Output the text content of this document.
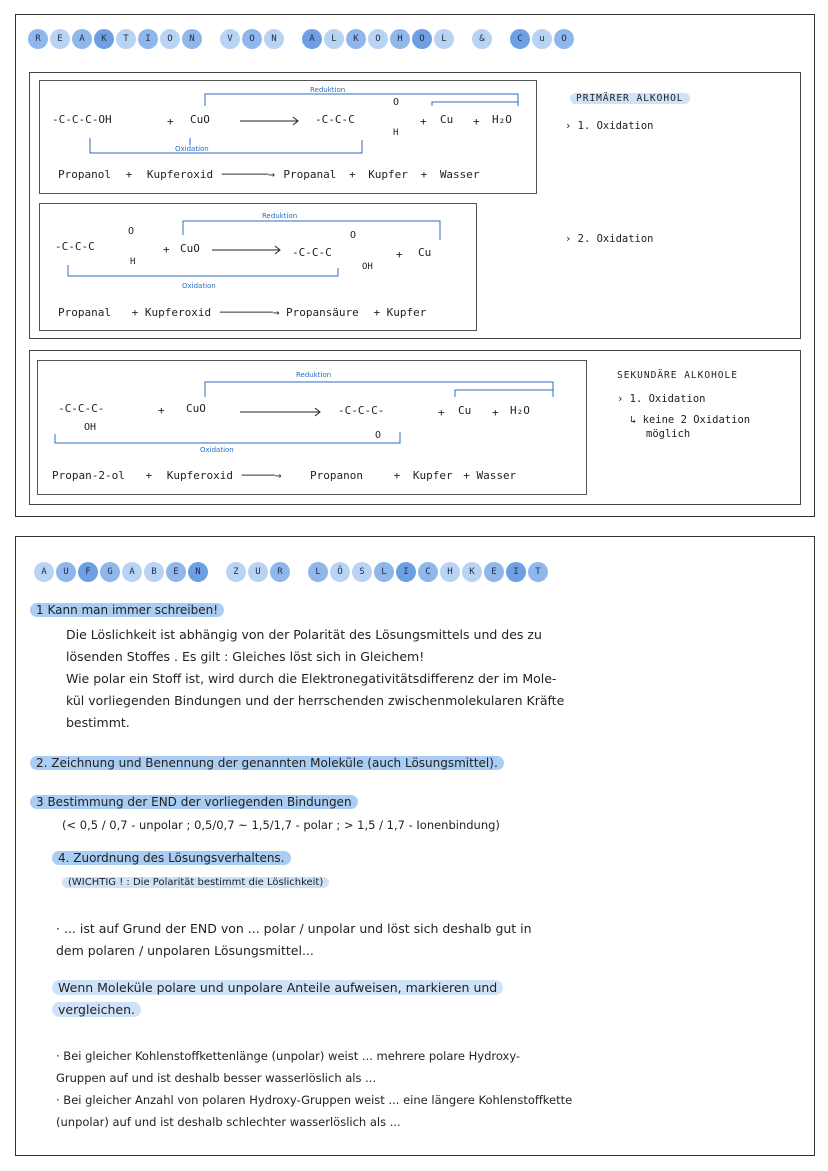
R	E	A	K	T	I	O	N	V	O	N	A	L	K	O	H	O	L	&	C	u	O
Reduktion
-C-C-C-OH	+ CuO	-C-C-C
O
H
+ Cu + H₂O
Oxidation
Propanol + Kupferoxid ───────→ Propanal + Kupfer + Wasser
Reduktion
-C-C-C
O
H
+ CuO	-C-C-C
O
OH
+ Cu
Oxidation
Propanal + Kupferoxid ────────→ Propansäure + Kupfer
Reduktion
-C-C-C-
OH
+ CuO	-C-C-C-
O
+ Cu + H₂O
Oxidation
Propan-2-ol + Kupferoxid ─────→	Propanon	+ Kupfer + Wasser
PRIMÄRER ALKOHOL
› 1. Oxidation
› 2. Oxidation
SEKUNDÄRE ALKOHOLE
› 1. Oxidation
↳ keine 2 Oxidation
möglich
A	U	F	G	A	B	E	N	Z	U	R	L	Ö	S	L	I	C	H	K	E	I	T
1 Kann man immer schreiben!
Die Löslichkeit ist abhängig von der Polarität des Lösungsmittels und des zu
lösenden Stoffes . Es gilt : Gleiches löst sich in Gleichem!
Wie polar ein Stoff ist, wird durch die Elektronegativitätsdifferenz der im Mole-
kül vorliegenden Bindungen und der herrschenden zwischenmolekularen Kräfte
bestimmt.
2. Zeichnung und Benennung der genannten Moleküle (auch Lösungsmittel).
3 Bestimmung der END der vorliegenden Bindungen
(< 0,5 / 0,7 - unpolar ; 0,5/0,7 ~ 1,5/1,7 - polar ; > 1,5 / 1,7 - Ionenbindung)
4. Zuordnung des Lösungsverhaltens.
(WICHTIG ! : Die Polarität bestimmt die Löslichkeit)
· ... ist auf Grund der END von ... polar / unpolar und löst sich deshalb gut in
dem polaren / unpolaren Lösungsmittel...
Wenn Moleküle polare und unpolare Anteile aufweisen, markieren und
vergleichen.
· Bei gleicher Kohlenstoffkettenlänge (unpolar) weist ... mehrere polare Hydroxy-
Gruppen auf und ist deshalb besser wasserlöslich als ...
· Bei gleicher Anzahl von polaren Hydroxy-Gruppen weist ... eine längere Kohlenstoffkette
(unpolar) auf und ist deshalb schlechter wasserlöslich als ...
